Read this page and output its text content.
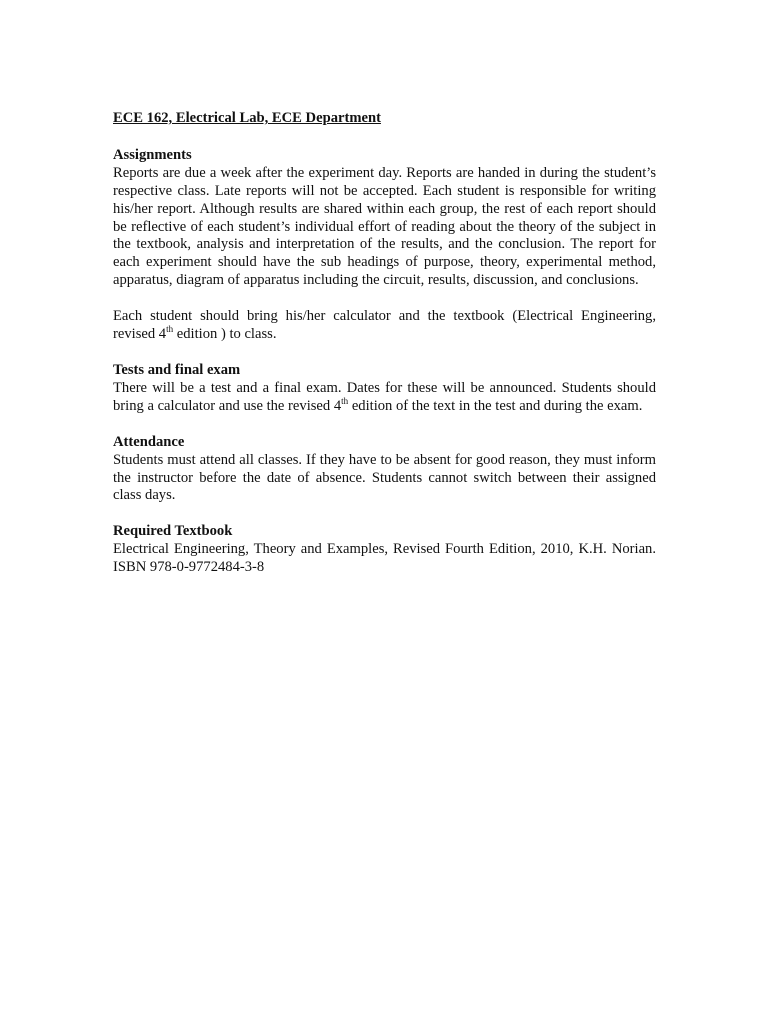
ECE 162, Electrical Lab, ECE Department

Assignments

Reports are due a week after the experiment day. Reports are handed in during the student’s respective class. Late reports will not be accepted. Each student is responsible for writing his/her report. Although results are shared within each group, the rest of each report should be reflective of each student’s individual effort of reading about the theory of the subject in the textbook, analysis and interpretation of the results, and the conclusion. The report for each experiment should have the sub headings of purpose, theory, experimental method, apparatus, diagram of apparatus including the circuit, results, discussion, and conclusions.

Each student should bring his/her calculator and the textbook (Electrical Engineering, revised 4th edition ) to class.

Tests and final exam

There will be a test and a final exam. Dates for these will be announced. Students should bring a calculator and use the revised 4th edition of the text in the test and during the exam.

Attendance

Students must attend all classes. If they have to be absent for good reason, they must inform the instructor before the date of absence. Students cannot switch between their assigned class days.

Required Textbook

Electrical Engineering, Theory and Examples, Revised Fourth Edition, 2010, K.H. Norian. ISBN 978-0-9772484-3-8
